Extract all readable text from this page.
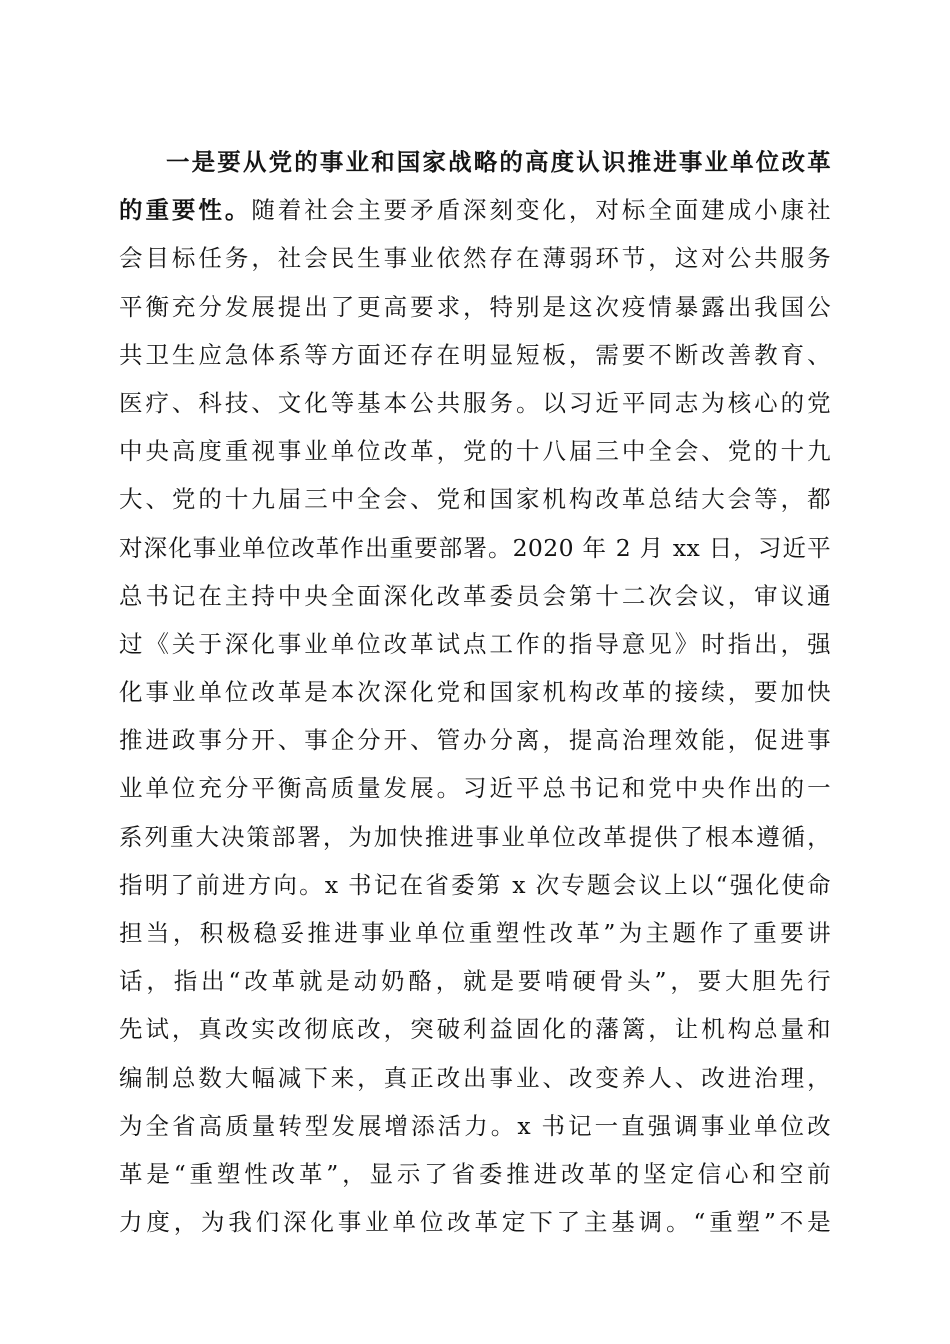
一是要从党的事业和国家战略的高度认识推进事业单位改革
的重要性。随着社会主要矛盾深刻变化，对标全面建成小康社
会目标任务，社会民生事业依然存在薄弱环节，这对公共服务
平衡充分发展提出了更高要求，特别是这次疫情暴露出我国公
共卫生应急体系等方面还存在明显短板，需要不断改善教育、
医疗、科技、文化等基本公共服务。以习近平同志为核心的党
中央高度重视事业单位改革，党的十八届三中全会、党的十九
大、党的十九届三中全会、党和国家机构改革总结大会等，都
对深化事业单位改革作出重要部署。2020 年 2 月 xx 日，习近平
总书记在主持中央全面深化改革委员会第十二次会议，审议通
过《关于深化事业单位改革试点工作的指导意见》时指出，强
化事业单位改革是本次深化党和国家机构改革的接续，要加快
推进政事分开、事企分开、管办分离，提高治理效能，促进事
业单位充分平衡高质量发展。习近平总书记和党中央作出的一
系列重大决策部署，为加快推进事业单位改革提供了根本遵循，
指明了前进方向。x 书记在省委第 x 次专题会议上以“强化使命
担当，积极稳妥推进事业单位重塑性改革”为主题作了重要讲
话，指出“改革就是动奶酪，就是要啃硬骨头”，要大胆先行
先试，真改实改彻底改，突破利益固化的藩篱，让机构总量和
编制总数大幅减下来，真正改出事业、改变养人、改进治理，
为全省高质量转型发展增添活力。x 书记一直强调事业单位改
革是“重塑性改革”，显示了省委推进改革的坚定信心和空前
力度，为我们深化事业单位改革定下了主基调。“重塑”不是
